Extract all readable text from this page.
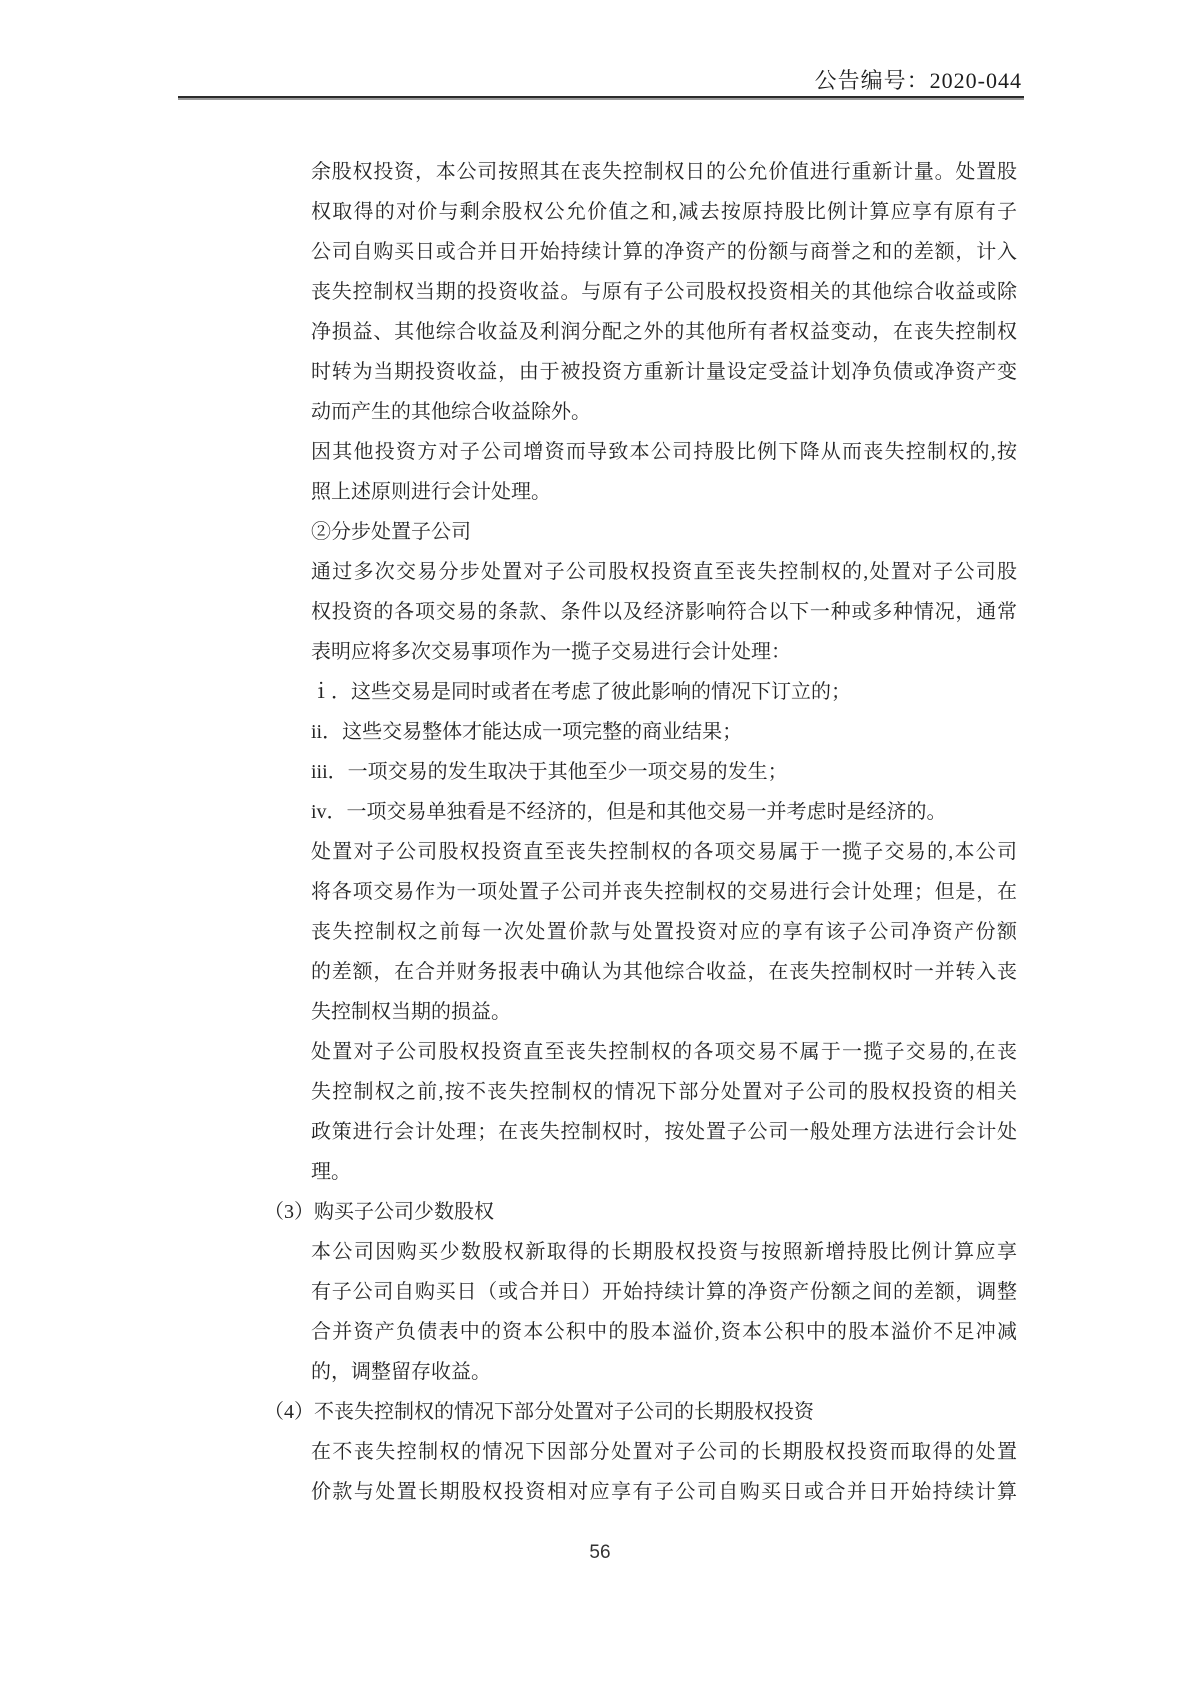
公告编号：2020-044
余股权投资，本公司按照其在丧失控制权日的公允价值进行重新计量。处置股
权取得的对价与剩余股权公允价值之和,减去按原持股比例计算应享有原有子
公司自购买日或合并日开始持续计算的净资产的份额与商誉之和的差额，计入
丧失控制权当期的投资收益。与原有子公司股权投资相关的其他综合收益或除
净损益、其他综合收益及利润分配之外的其他所有者权益变动，在丧失控制权
时转为当期投资收益，由于被投资方重新计量设定受益计划净负债或净资产变
动而产生的其他综合收益除外。
因其他投资方对子公司增资而导致本公司持股比例下降从而丧失控制权的,按
照上述原则进行会计处理。
②分步处置子公司
通过多次交易分步处置对子公司股权投资直至丧失控制权的,处置对子公司股
权投资的各项交易的条款、条件以及经济影响符合以下一种或多种情况，通常
表明应将多次交易事项作为一揽子交易进行会计处理：
ｉ．这些交易是同时或者在考虑了彼此影响的情况下订立的；
ii．这些交易整体才能达成一项完整的商业结果；
iii．一项交易的发生取决于其他至少一项交易的发生；
iv．一项交易单独看是不经济的，但是和其他交易一并考虑时是经济的。
处置对子公司股权投资直至丧失控制权的各项交易属于一揽子交易的,本公司
将各项交易作为一项处置子公司并丧失控制权的交易进行会计处理；但是，在
丧失控制权之前每一次处置价款与处置投资对应的享有该子公司净资产份额
的差额，在合并财务报表中确认为其他综合收益，在丧失控制权时一并转入丧
失控制权当期的损益。
处置对子公司股权投资直至丧失控制权的各项交易不属于一揽子交易的,在丧
失控制权之前,按不丧失控制权的情况下部分处置对子公司的股权投资的相关
政策进行会计处理；在丧失控制权时，按处置子公司一般处理方法进行会计处
理。
（3）购买子公司少数股权
本公司因购买少数股权新取得的长期股权投资与按照新增持股比例计算应享
有子公司自购买日（或合并日）开始持续计算的净资产份额之间的差额，调整
合并资产负债表中的资本公积中的股本溢价,资本公积中的股本溢价不足冲减
的，调整留存收益。
（4）不丧失控制权的情况下部分处置对子公司的长期股权投资
在不丧失控制权的情况下因部分处置对子公司的长期股权投资而取得的处置
价款与处置长期股权投资相对应享有子公司自购买日或合并日开始持续计算
56
